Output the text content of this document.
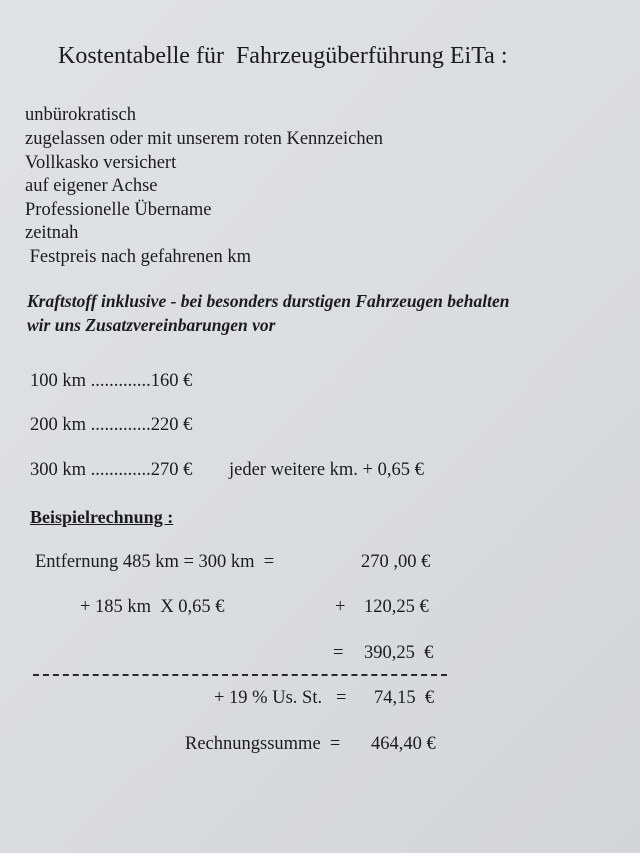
Kostentabelle für  Fahrzeugüberführung EiTa :
unbürokratisch
zugelassen oder mit unserem roten Kennzeichen
Vollkasko versichert
auf eigener Achse
Professionelle Übername
zeitnah
Festpreis nach gefahrenen km
Kraftstoff inklusive - bei besonders durstigen Fahrzeugen behalten
wir uns Zusatzvereinbarungen vor
100 km .............160 €
200 km .............220 €
300 km .............270 € jeder weitere km. + 0,65 €
Beispielrechnung :
Entfernung 485 km = 300 km  =	270 ,00 €
+ 185 km  X 0,65 €	+ 120,25 €
= 390,25  €
+ 19 % Us. St.   = 74,15  €
Rechnungssumme  = 464,40 €
